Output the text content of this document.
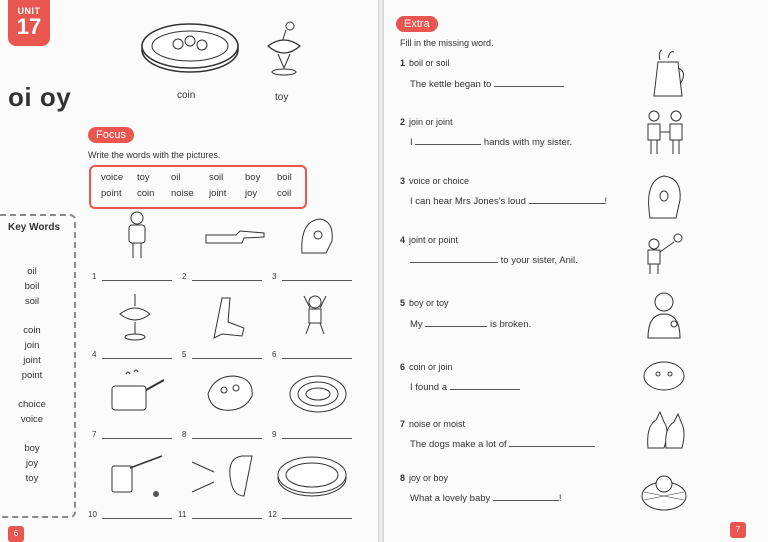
UNIT
17
oi oy	coin	toy
Focus
Write the words with the pictures.
voice toy oil	soil boy boil
point coin noise joint joy coil
Key Words
oil
boil
soil
coin
join
joint
point
choice
voice
boy
joy
toy
1	2	3
4	5	6
7	8	9
10	11	12
6
Extra
Fill in the missing word.
1 boil or soil
The kettle began to
2 join or joint
I	hands with my sister.
3 voice or choice
I can hear Mrs Jones's loud	!
4 joint or point
to your sister, Anil.
5 boy or toy
My	is broken.
6 coin or join
I found a
7 noise or moist
The dogs make a lot of
8 joy or boy
What a lovely baby	!
7
